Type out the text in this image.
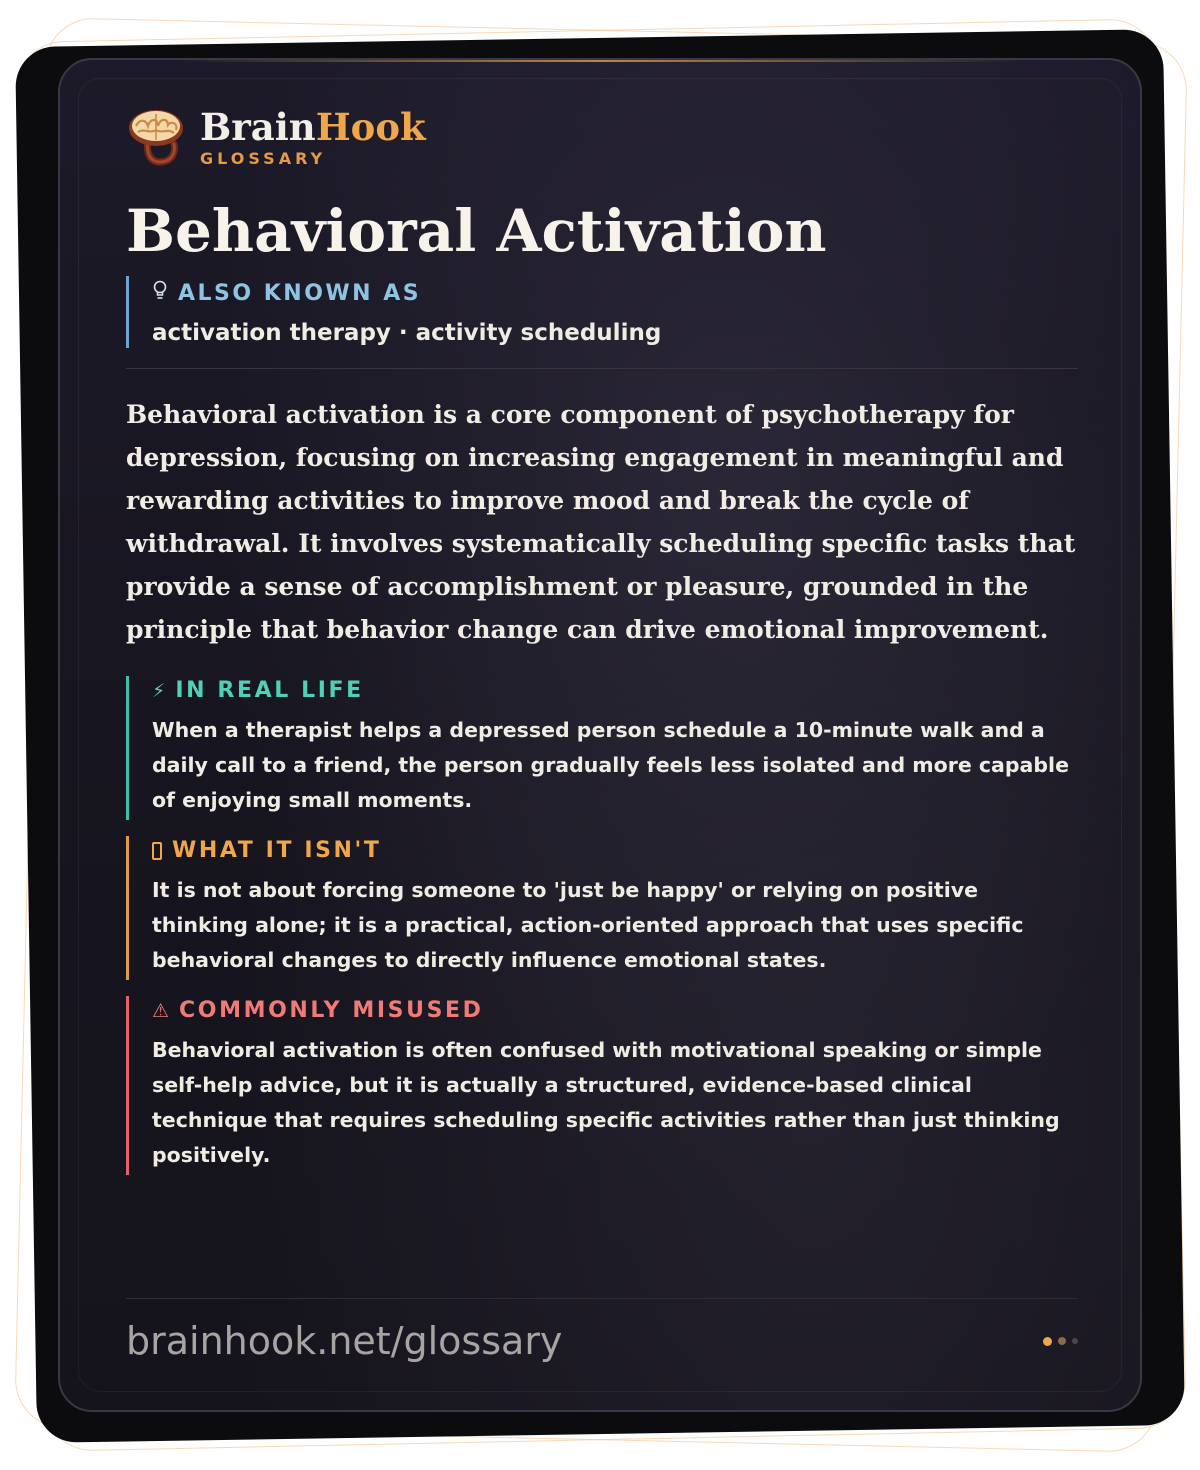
BrainHook
GLOSSARY
Behavioral Activation
ALSO KNOWN AS
activation therapy · activity scheduling

Behavioral activation is a core component of psychotherapy for depression, focusing on increasing engagement in meaningful and rewarding activities to improve mood and break the cycle of withdrawal. It involves systematically scheduling specific tasks that provide a sense of accomplishment or pleasure, grounded in the principle that behavior change can drive emotional improvement.

⚡ IN REAL LIFE
When a therapist helps a depressed person schedule a 10-minute walk and a daily call to a friend, the person gradually feels less isolated and more capable of enjoying small moments.
WHAT IT ISN'T
It is not about forcing someone to 'just be happy' or relying on positive thinking alone; it is a practical, action-oriented approach that uses specific behavioral changes to directly influence emotional states.
⚠ COMMONLY MISUSED
Behavioral activation is often confused with motivational speaking or simple self-help advice, but it is actually a structured, evidence-based clinical technique that requires scheduling specific activities rather than just thinking positively.
brainhook.net/glossary
